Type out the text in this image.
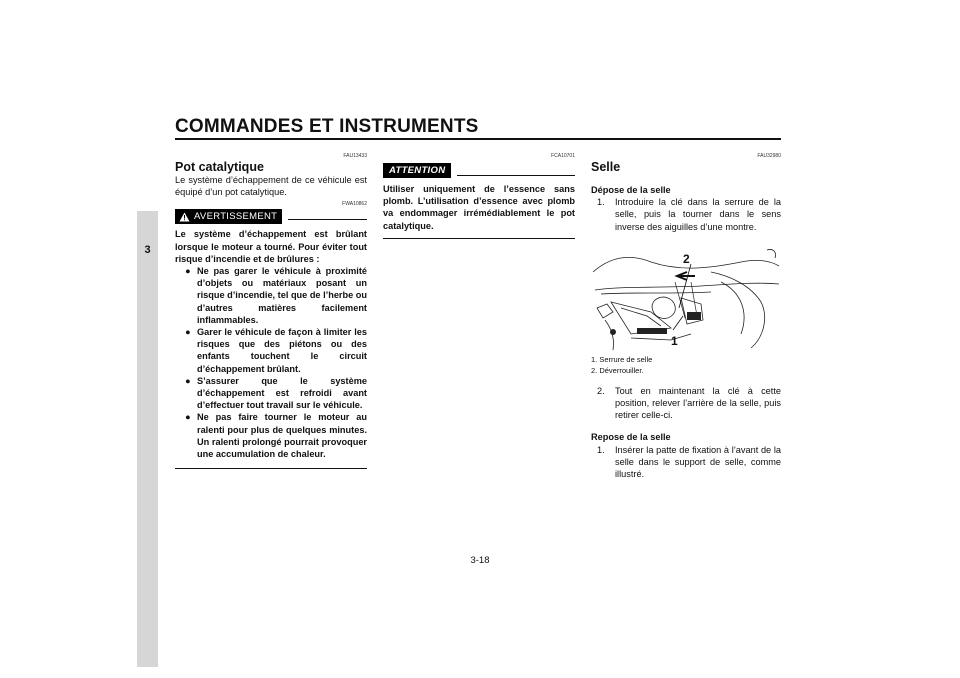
COMMANDES ET INSTRUMENTS
3
FAU13433
Pot catalytique
Le système d’échappement de ce véhicule est équipé d’un pot catalytique.
FWA10862
AVERTISSEMENT
Le système d’échappement est brûlant lorsque le moteur a tourné. Pour éviter tout risque d’incendie et de brûlures :
● Ne pas garer le véhicule à proximité d’objets ou matériaux posant un risque d’incendie, tel que de l’herbe ou d’autres matières facilement inflammables.
● Garer le véhicule de façon à limiter les risques que des piétons ou des enfants touchent le circuit d’échappement brûlant.
● S’assurer que le système d’échappement est refroidi avant d’effectuer tout travail sur le véhicule.
● Ne pas faire tourner le moteur au ralenti pour plus de quelques minutes. Un ralenti prolongé pourrait provoquer une accumulation de chaleur.
FCA10701
ATTENTION
Utiliser uniquement de l’essence sans plomb. L’utilisation d’essence avec plomb va endommager irrémédiablement le pot catalytique.
FAU32980
Selle
Dépose de la selle
1. Introduire la clé dans la serrure de la selle, puis la tourner dans le sens inverse des aiguilles d’une montre.
2
1
1. Serrure de selle
2. Déverrouiller.
2. Tout en maintenant la clé à cette position, relever l’arrière de la selle, puis retirer celle-ci.
Repose de la selle
1. Insérer la patte de fixation à l’avant de la selle dans le support de selle, comme illustré.
3-18
